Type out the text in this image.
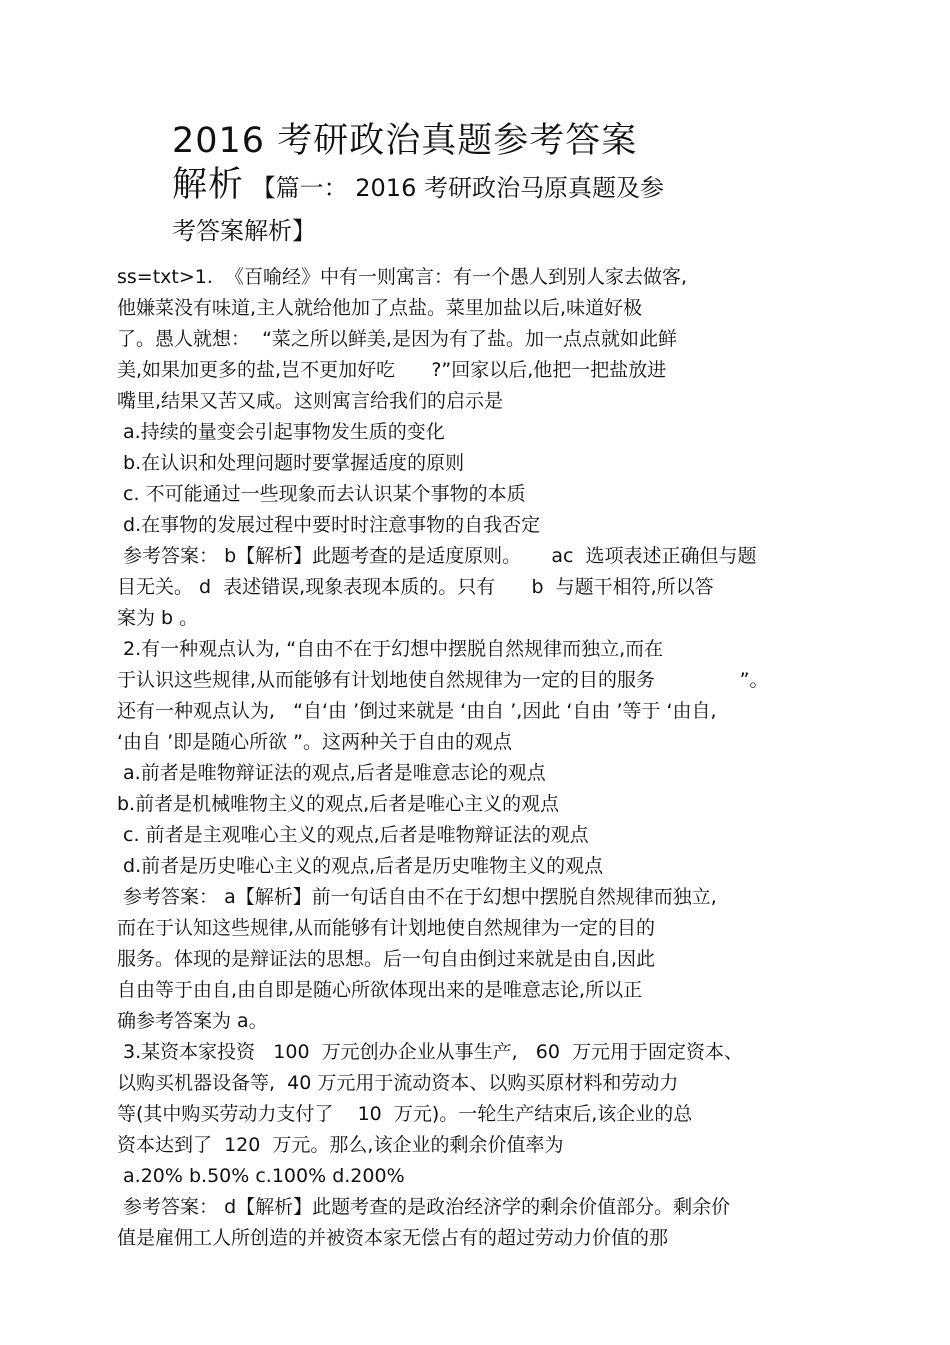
2016 考研政治真题参考答案
解析 【篇一： 2016 考研政治马原真题及参

考答案解析】
ss=txt>1.  《百喻经》中有一则寓言：有一个愚人到别人家去做客,
他嫌菜没有味道,主人就给他加了点盐。菜里加盐以后,味道好极
了。愚人就想：  “菜之所以鲜美,是因为有了盐。加一点点就如此鲜
美,如果加更多的盐,岂不更加好吃      ?”回家以后,他把一把盐放进
嘴里,结果又苦又咸。这则寓言给我们的启示是
a.持续的量变会引起事物发生质的变化
b.在认识和处理问题时要掌握适度的原则
c. 不可能通过一些现象而去认识某个事物的本质
d.在事物的发展过程中要时时注意事物的自我否定
参考答案： b【解析】此题考查的是适度原则。     ac  选项表述正确但与题
目无关。 d  表述错误,现象表现本质的。只有      b  与题干相符,所以答
案为 b 。
2.有一种观点认为, “自由不在于幻想中摆脱自然规律而独立,而在
于认识这些规律,从而能够有计划地使自然规律为一定的目的服务              ”。
还有一种观点认为,   “自‘由 ’倒过来就是 ‘由自 ’,因此 ‘自由 ’等于 ‘由自,
‘由自 ’即是随心所欲 ”。这两种关于自由的观点
a.前者是唯物辩证法的观点,后者是唯意志论的观点
b.前者是机械唯物主义的观点,后者是唯心主义的观点
c. 前者是主观唯心主义的观点,后者是唯物辩证法的观点
d.前者是历史唯心主义的观点,后者是历史唯物主义的观点
参考答案： a【解析】前一句话自由不在于幻想中摆脱自然规律而独立,
而在于认知这些规律,从而能够有计划地使自然规律为一定的目的
服务。体现的是辩证法的思想。后一句自由倒过来就是由自,因此
自由等于由自,由自即是随心所欲体现出来的是唯意志论,所以正
确参考答案为 a。
3.某资本家投资   100  万元创办企业从事生产,   60  万元用于固定资本、
以购买机器设备等,  40 万元用于流动资本、以购买原材料和劳动力
等(其中购买劳动力支付了    10  万元)。一轮生产结束后,该企业的总
资本达到了  120  万元。那么,该企业的剩余价值率为
a.20% b.50% c.100% d.200%
参考答案： d【解析】此题考查的是政治经济学的剩余价值部分。剩余价
值是雇佣工人所创造的并被资本家无偿占有的超过劳动力价值的那
